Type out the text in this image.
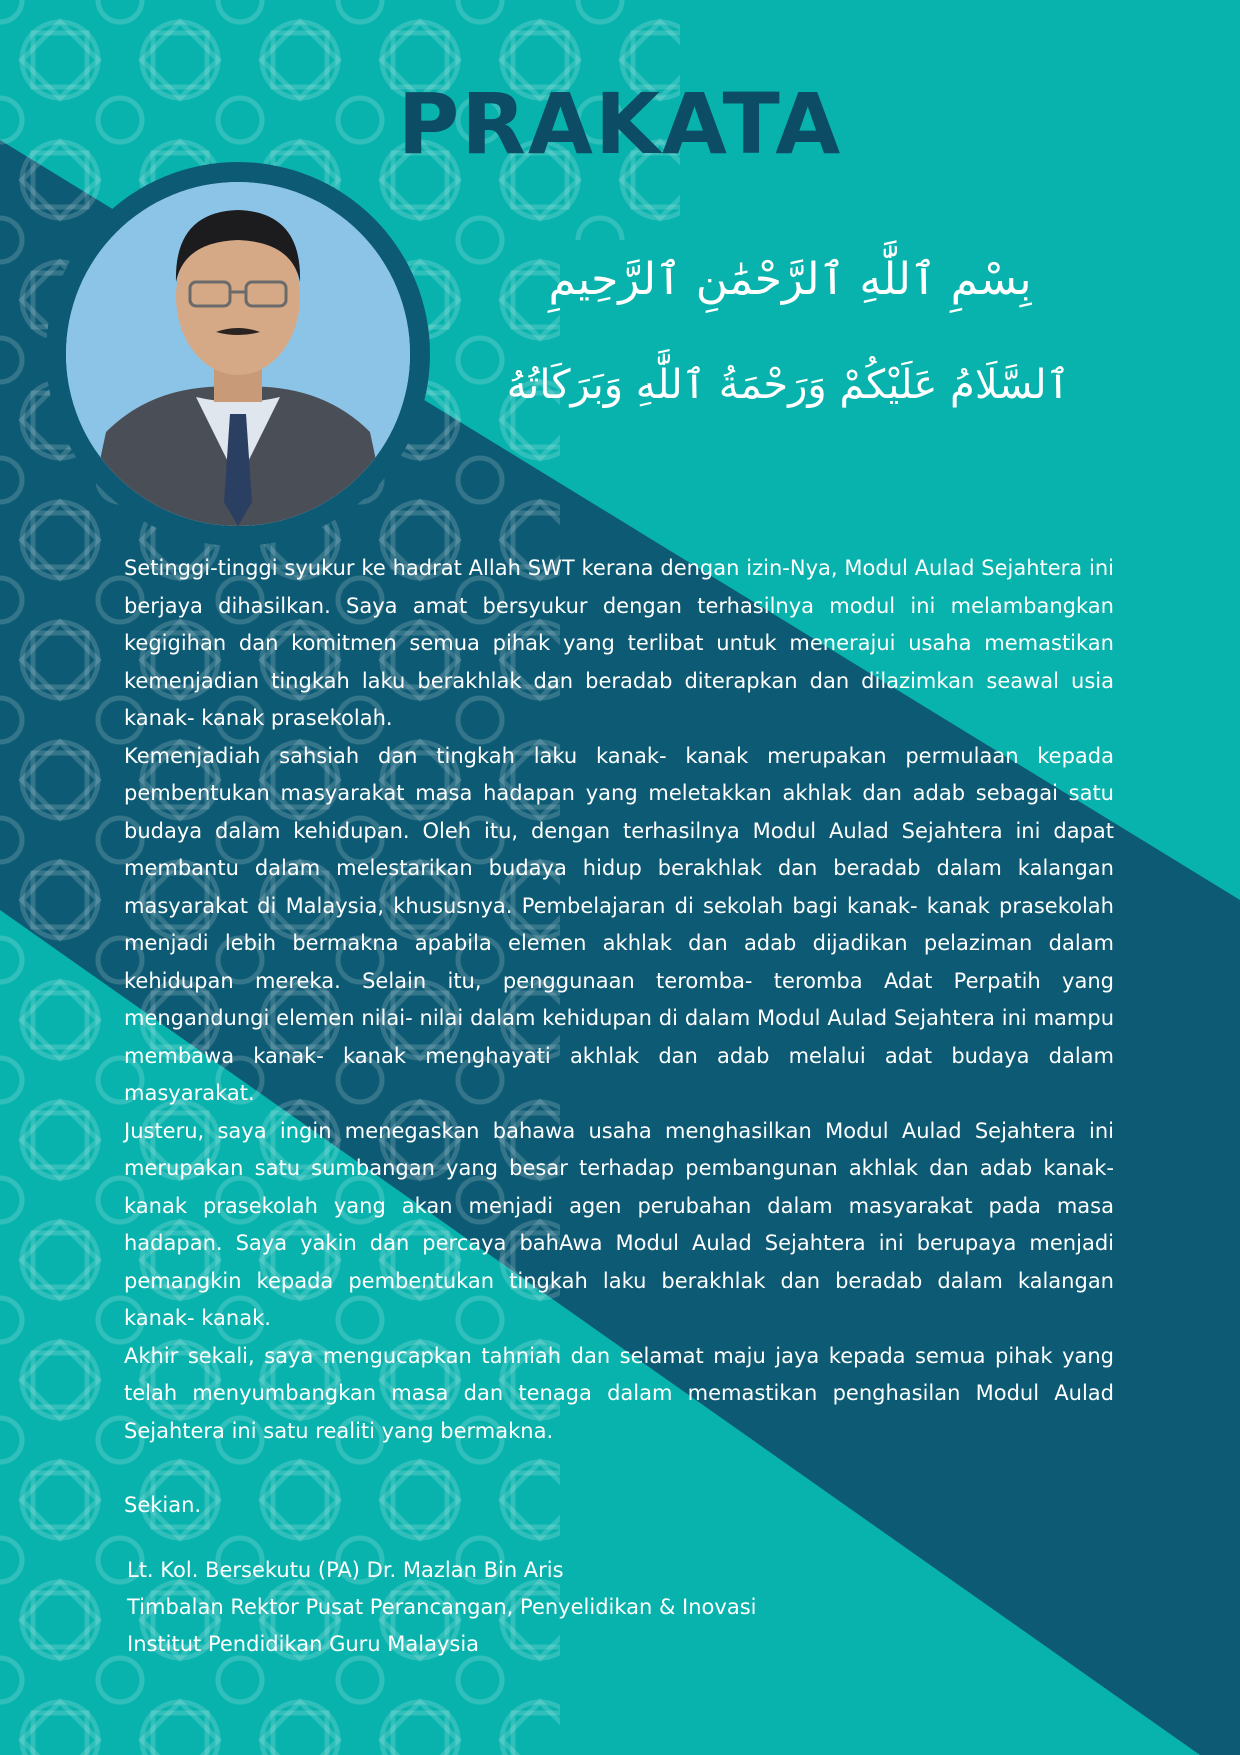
PRAKATA
بِسْمِ ٱللَّٰهِ ٱلرَّحْمَٰنِ ٱلرَّحِيمِ
ٱلسَّلَامُ عَلَيْكُمْ وَرَحْمَةُ ٱللَّٰهِ وَبَرَكَاتُهُ

Setinggi-tinggi syukur ke hadrat Allah SWT kerana dengan izin-Nya, Modul Aulad Sejahtera ini berjaya dihasilkan. Saya amat bersyukur dengan terhasilnya modul ini melambangkan kegigihan dan komitmen semua pihak yang terlibat untuk menerajui usaha memastikan kemenjadian tingkah laku berakhlak dan beradab diterapkan dan dilazimkan seawal usia kanak- kanak prasekolah.

Kemenjadiah sahsiah dan tingkah laku kanak- kanak merupakan permulaan kepada pembentukan masyarakat masa hadapan yang meletakkan akhlak dan adab sebagai satu budaya dalam kehidupan. Oleh itu, dengan terhasilnya Modul Aulad Sejahtera ini dapat membantu dalam melestarikan budaya hidup berakhlak dan beradab dalam kalangan masyarakat di Malaysia, khususnya. Pembelajaran di sekolah bagi kanak- kanak prasekolah menjadi lebih bermakna apabila elemen akhlak dan adab dijadikan pelaziman dalam kehidupan mereka. Selain itu, penggunaan teromba- teromba Adat Perpatih yang mengandungi elemen nilai- nilai dalam kehidupan di dalam Modul Aulad Sejahtera ini mampu membawa kanak- kanak menghayati akhlak dan adab melalui adat budaya dalam masyarakat.

Justeru, saya ingin menegaskan bahawa usaha menghasilkan Modul Aulad Sejahtera ini merupakan satu sumbangan yang besar terhadap pembangunan akhlak dan adab kanak- kanak prasekolah yang akan menjadi agen perubahan dalam masyarakat pada masa hadapan. Saya yakin dan percaya bahAwa Modul Aulad Sejahtera ini berupaya menjadi pemangkin kepada pembentukan tingkah laku berakhlak dan beradab dalam kalangan kanak- kanak.

Akhir sekali, saya mengucapkan tahniah dan selamat maju jaya kepada semua pihak yang telah menyumbangkan masa dan tenaga dalam memastikan penghasilan Modul Aulad Sejahtera ini satu realiti yang bermakna.

Sekian.

Lt. Kol. Bersekutu (PA) Dr. Mazlan Bin Aris
Timbalan Rektor Pusat Perancangan, Penyelidikan & Inovasi
Institut Pendidikan Guru Malaysia
